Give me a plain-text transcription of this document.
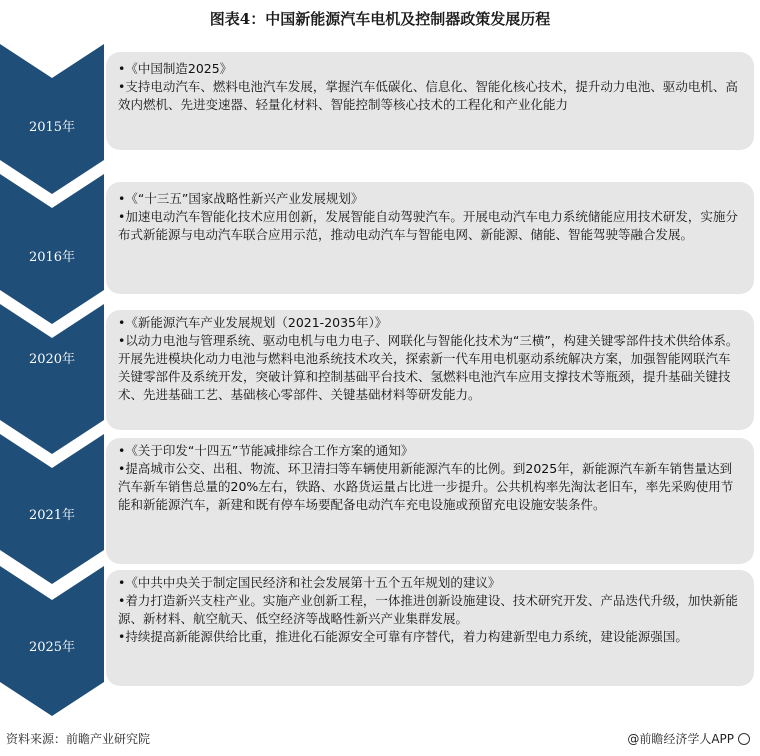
图表4：中国新能源汽车电机及控制器政策发展历程
2015年
•《中国制造2025》

•支持电动汽车、燃料电池汽车发展，掌握汽车低碳化、信息化、智能化核心技术，提升动力电池、驱动电机、高效内燃机、先进变速器、轻量化材料、智能控制等核心技术的工程化和产业化能力

2016年
•《“十三五”国家战略性新兴产业发展规划》

•加速电动汽车智能化技术应用创新，发展智能自动驾驶汽车。开展电动汽车电力系统储能应用技术研发，实施分布式新能源与电动汽车联合应用示范，推动电动汽车与智能电网、新能源、储能、智能驾驶等融合发展。

2020年
•《新能源汽车产业发展规划（2021-2035年）》

•以动力电池与管理系统、驱动电机与电力电子、网联化与智能化技术为“三横”，构建关键零部件技术供给体系。开展先进模块化动力电池与燃料电池系统技术攻关，探索新一代车用电机驱动系统解决方案，加强智能网联汽车关键零部件及系统开发，突破计算和控制基础平台技术、氢燃料电池汽车应用支撑技术等瓶颈，提升基础关键技术、先进基础工艺、基础核心零部件、关键基础材料等研发能力。

2021年
•《关于印发“十四五”节能减排综合工作方案的通知》

•提高城市公交、出租、物流、环卫清扫等车辆使用新能源汽车的比例。到2025年，新能源汽车新车销售量达到汽车新车销售总量的20%左右，铁路、水路货运量占比进一步提升。公共机构率先淘汰老旧车，率先采购使用节能和新能源汽车，新建和既有停车场要配备电动汽车充电设施或预留充电设施安装条件。

2025年
•《中共中央关于制定国民经济和社会发展第十五个五年规划的建议》

•着力打造新兴支柱产业。实施产业创新工程，一体推进创新设施建设、技术研究开发、产品迭代升级，加快新能源、新材料、航空航天、低空经济等战略性新兴产业集群发展。

•持续提高新能源供给比重，推进化石能源安全可靠有序替代，着力构建新型电力系统，建设能源强国。

资料来源：前瞻产业研究院	@前瞻经济学人APP
